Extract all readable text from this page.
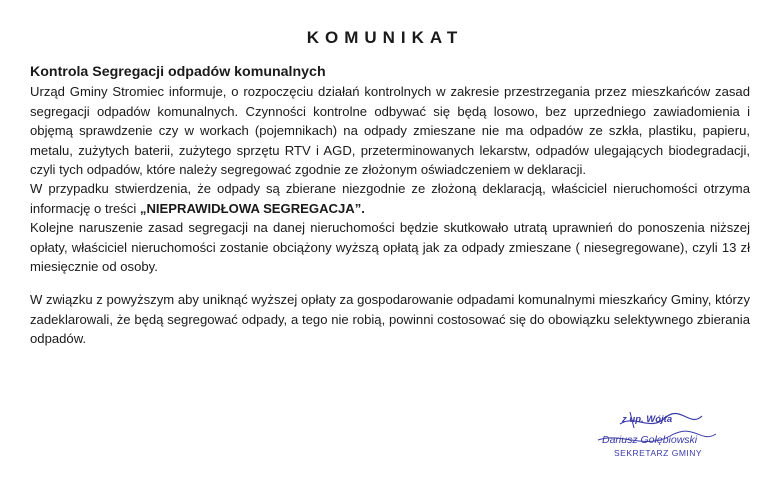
KOMUNIKAT

Kontrola Segregacji odpadów komunalnych

Urząd Gminy Stromiec informuje, o rozpoczęciu działań kontrolnych w zakresie przestrzegania przez mieszkańców zasad segregacji odpadów komunalnych. Czynności kontrolne odbywać się będą losowo, bez uprzedniego zawiadomienia i objęmą sprawdzenie czy w workach (pojemnikach) na odpady zmieszane nie ma odpadów ze szkła, plastiku, papieru, metalu, zużytych baterii, zużytego sprzętu RTV i AGD, przeterminowanych lekarstw, odpadów ulegających biodegradacji, czyli tych odpadów, które należy segregować zgodnie ze złożonym oświadczeniem w deklaracji.

W przypadku stwierdzenia, że odpady są zbierane niezgodnie ze złożoną deklaracją, właściciel nieruchomości otrzyma informację o treści „NIEPRAWIDŁOWA SEGREGACJA”.

Kolejne naruszenie zasad segregacji na danej nieruchomości będzie skutkowało utratą uprawnień do ponoszenia niższej opłaty, właściciel nieruchomości zostanie obciążony wyższą opłatą jak za odpady zmieszane ( niesegregowane), czyli 13 zł miesięcznie od osoby.

W związku z powyższym aby uniknąć wyższej opłaty za gospodarowanie odpadami komunalnymi mieszkańcy Gminy, którzy zadeklarowali, że będą segregować odpady, a tego nie robią, powinni costosować się do obowiązku selektywnego zbierania odpadów.

z up. Wójta
Dariusz Gołębiowski
SEKRETARZ GMINY
